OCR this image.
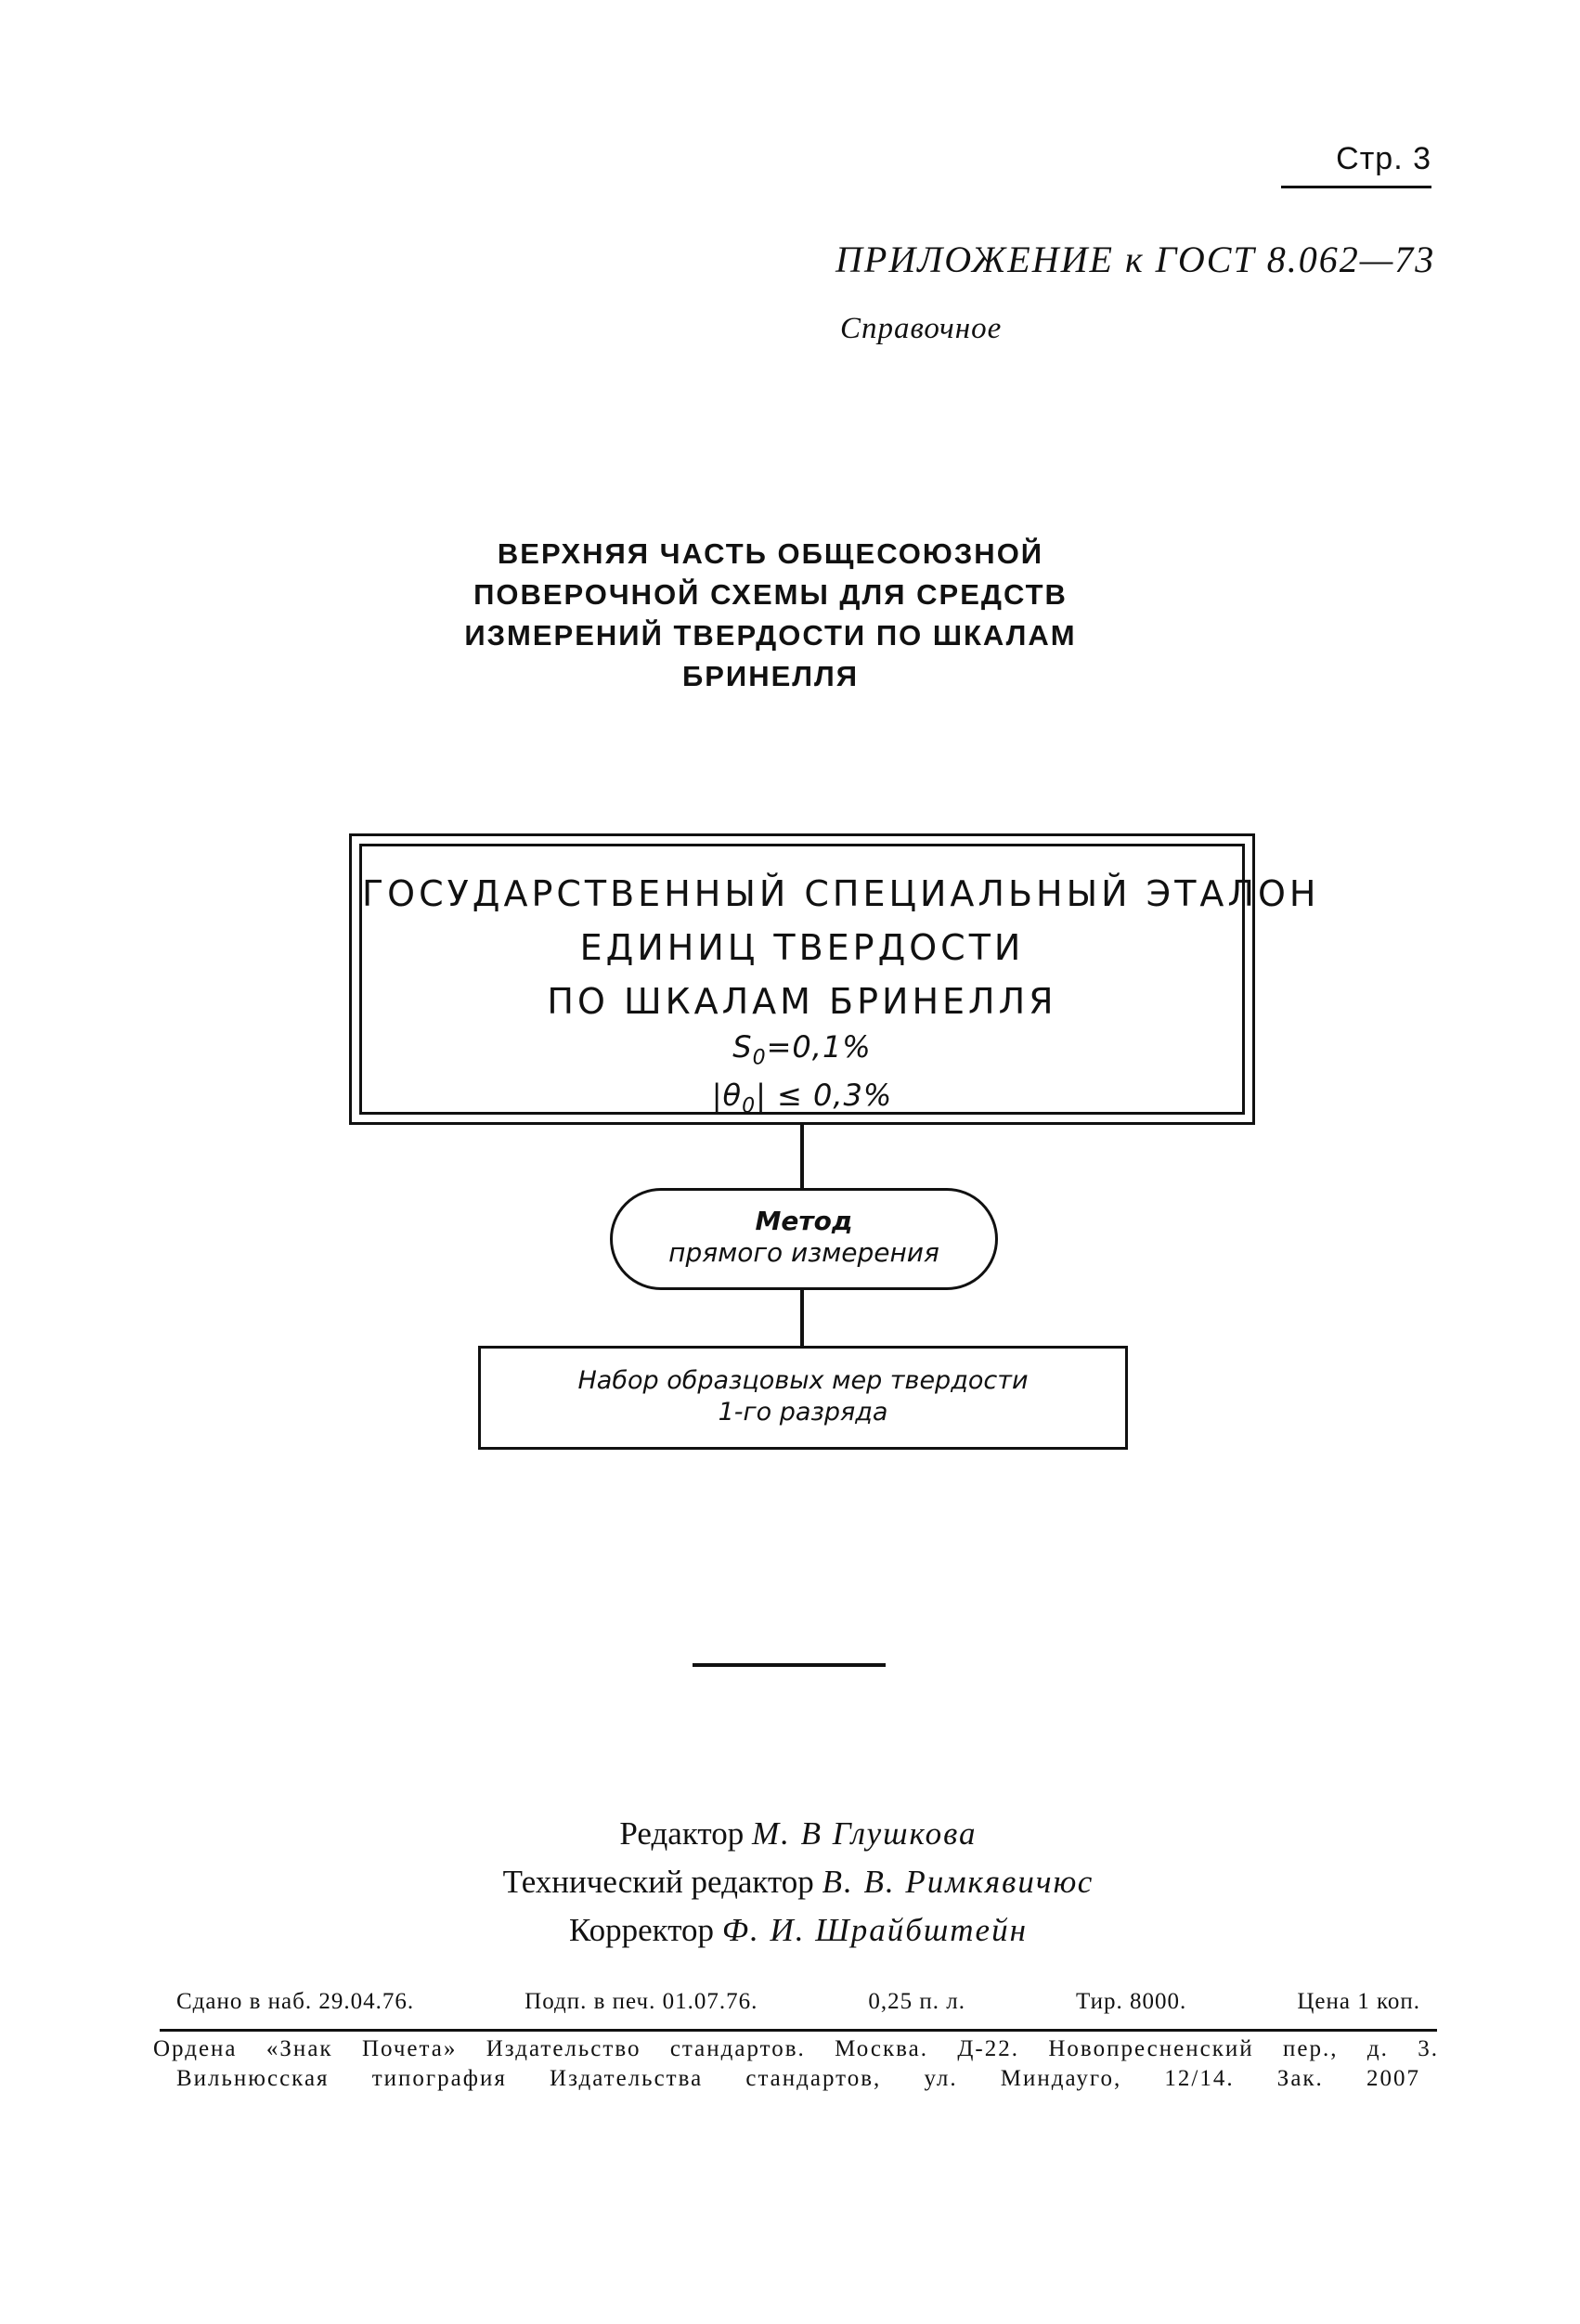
Стр. 3
ПРИЛОЖЕНИЕ к ГОСТ 8.062—73
Справочное
ВЕРХНЯЯ ЧАСТЬ ОБЩЕСОЮЗНОЙ
ПОВЕРОЧНОЙ СХЕМЫ ДЛЯ СРЕДСТВ
ИЗМЕРЕНИЙ ТВЕРДОСТИ ПО ШКАЛАМ
БРИНЕЛЛЯ
ГОСУДАРСТВЕННЫЙ СПЕЦИАЛЬНЫЙ ЭТАЛОН
ЕДИНИЦ ТВЕРДОСТИ
ПО ШКАЛАМ БРИНЕЛЛЯ
$S_0=0,1\%$
$|\theta_0| \le 0,3\%$
Метод
прямого измерения
Набор образцовых мер твердости
1-го разряда
Редактор М. В Глушкова
Технический редактор В. В. Римкявичюс
Корректор Ф. И. Шрайбштейн
Сдано в наб. 29.04.76.	Подп. в печ. 01.07.76.	0,25 п. л.	Тир. 8000.	Цена 1 коп.
Ордена «Знак Почета» Издательство стандартов. Москва. Д-22. Новопресненский пер., д. 3.
Вильнюсская типография Издательства стандартов, ул. Миндауго, 12/14. Зак. 2007
